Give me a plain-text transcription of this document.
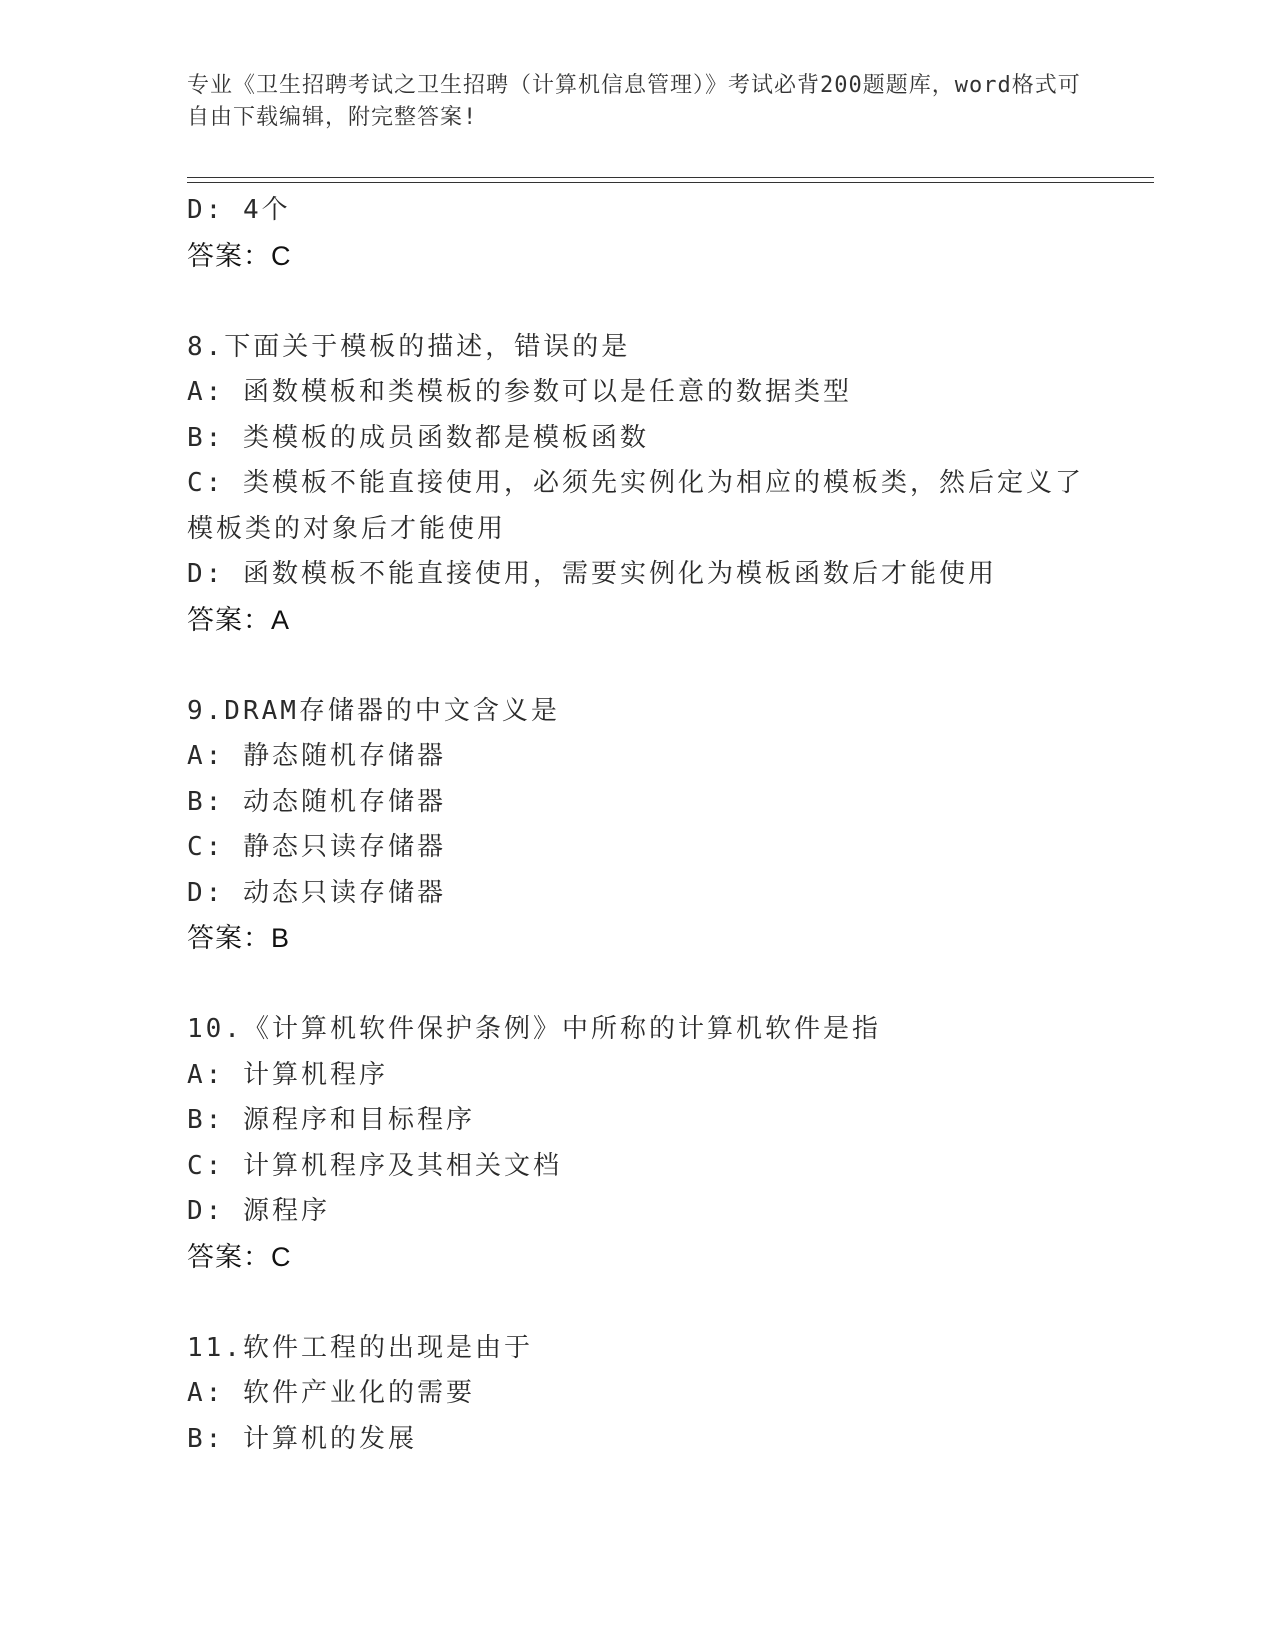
专业《卫生招聘考试之卫生招聘（计算机信息管理）》考试必背200题题库，word格式可自由下载编辑，附完整答案!
D: 4个
答案：C
8.下面关于模板的描述，错误的是
A: 函数模板和类模板的参数可以是任意的数据类型
B: 类模板的成员函数都是模板函数
C: 类模板不能直接使用，必须先实例化为相应的模板类，然后定义了
模板类的对象后才能使用
D: 函数模板不能直接使用，需要实例化为模板函数后才能使用
答案：A
9.DRAM存储器的中文含义是
A: 静态随机存储器
B: 动态随机存储器
C: 静态只读存储器
D: 动态只读存储器
答案：B
10.《计算机软件保护条例》中所称的计算机软件是指
A: 计算机程序
B: 源程序和目标程序
C: 计算机程序及其相关文档
D: 源程序
答案：C
11.软件工程的出现是由于
A: 软件产业化的需要
B: 计算机的发展
